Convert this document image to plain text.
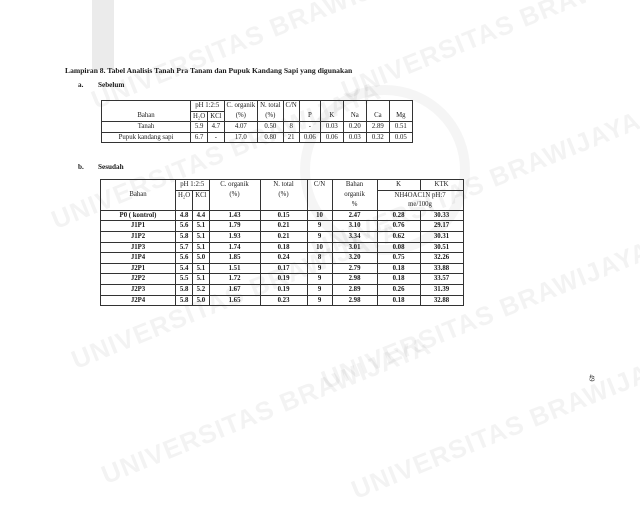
Lampiran 8. Tabel Analisis Tanah Pra Tanam dan Pupuk Kandang Sapi yang digunakan
a. Sebelum
	pH 1:2:5		C. organik	N. total	C/N					
Bahan	H₂O	KCl	(%)	(%)		P	K	Na	Ca	Mg
Tanah	5.9	4.7	4.07	0.50	8	-	0.03	0.20	2.89	0.51
Pupuk kandang sapi	6.7	-	17.0	0.80	21	0.06	0.06	0.03	0.32	0.05
b. Sesudah
	pH 1:2:5		C. organik	N. total	C/N	Bahan	K	KTK
Bahan	H₂O	KCl	(%)	(%)		organik	NH4OAC1N pH:7	
						%	me/100g	
P0 ( kontrol)	4.8	4.4	1.43	0.15	10	2.47	0.28	30.33
J1P1	5.6	5.1	1.79	0.21	9	3.10	0.76	29.17
J1P2	5.8	5.1	1.93	0.21	9	3.34	0.62	30.31
J1P3	5.7	5.1	1.74	0.18	10	3.01	0.08	30.51
J1P4	5.6	5.0	1.85	0.24	8	3.20	0.75	32.26
J2P1	5.4	5.1	1.51	0.17	9	2.79	0.18	33.88
J2P2	5.5	5.1	1.72	0.19	9	2.98	0.18	33.57
J2P3	5.8	5.2	1.67	0.19	9	2.89	0.26	31.39
J2P4	5.8	5.0	1.65	0.23	9	2.98	0.18	32.88
49
